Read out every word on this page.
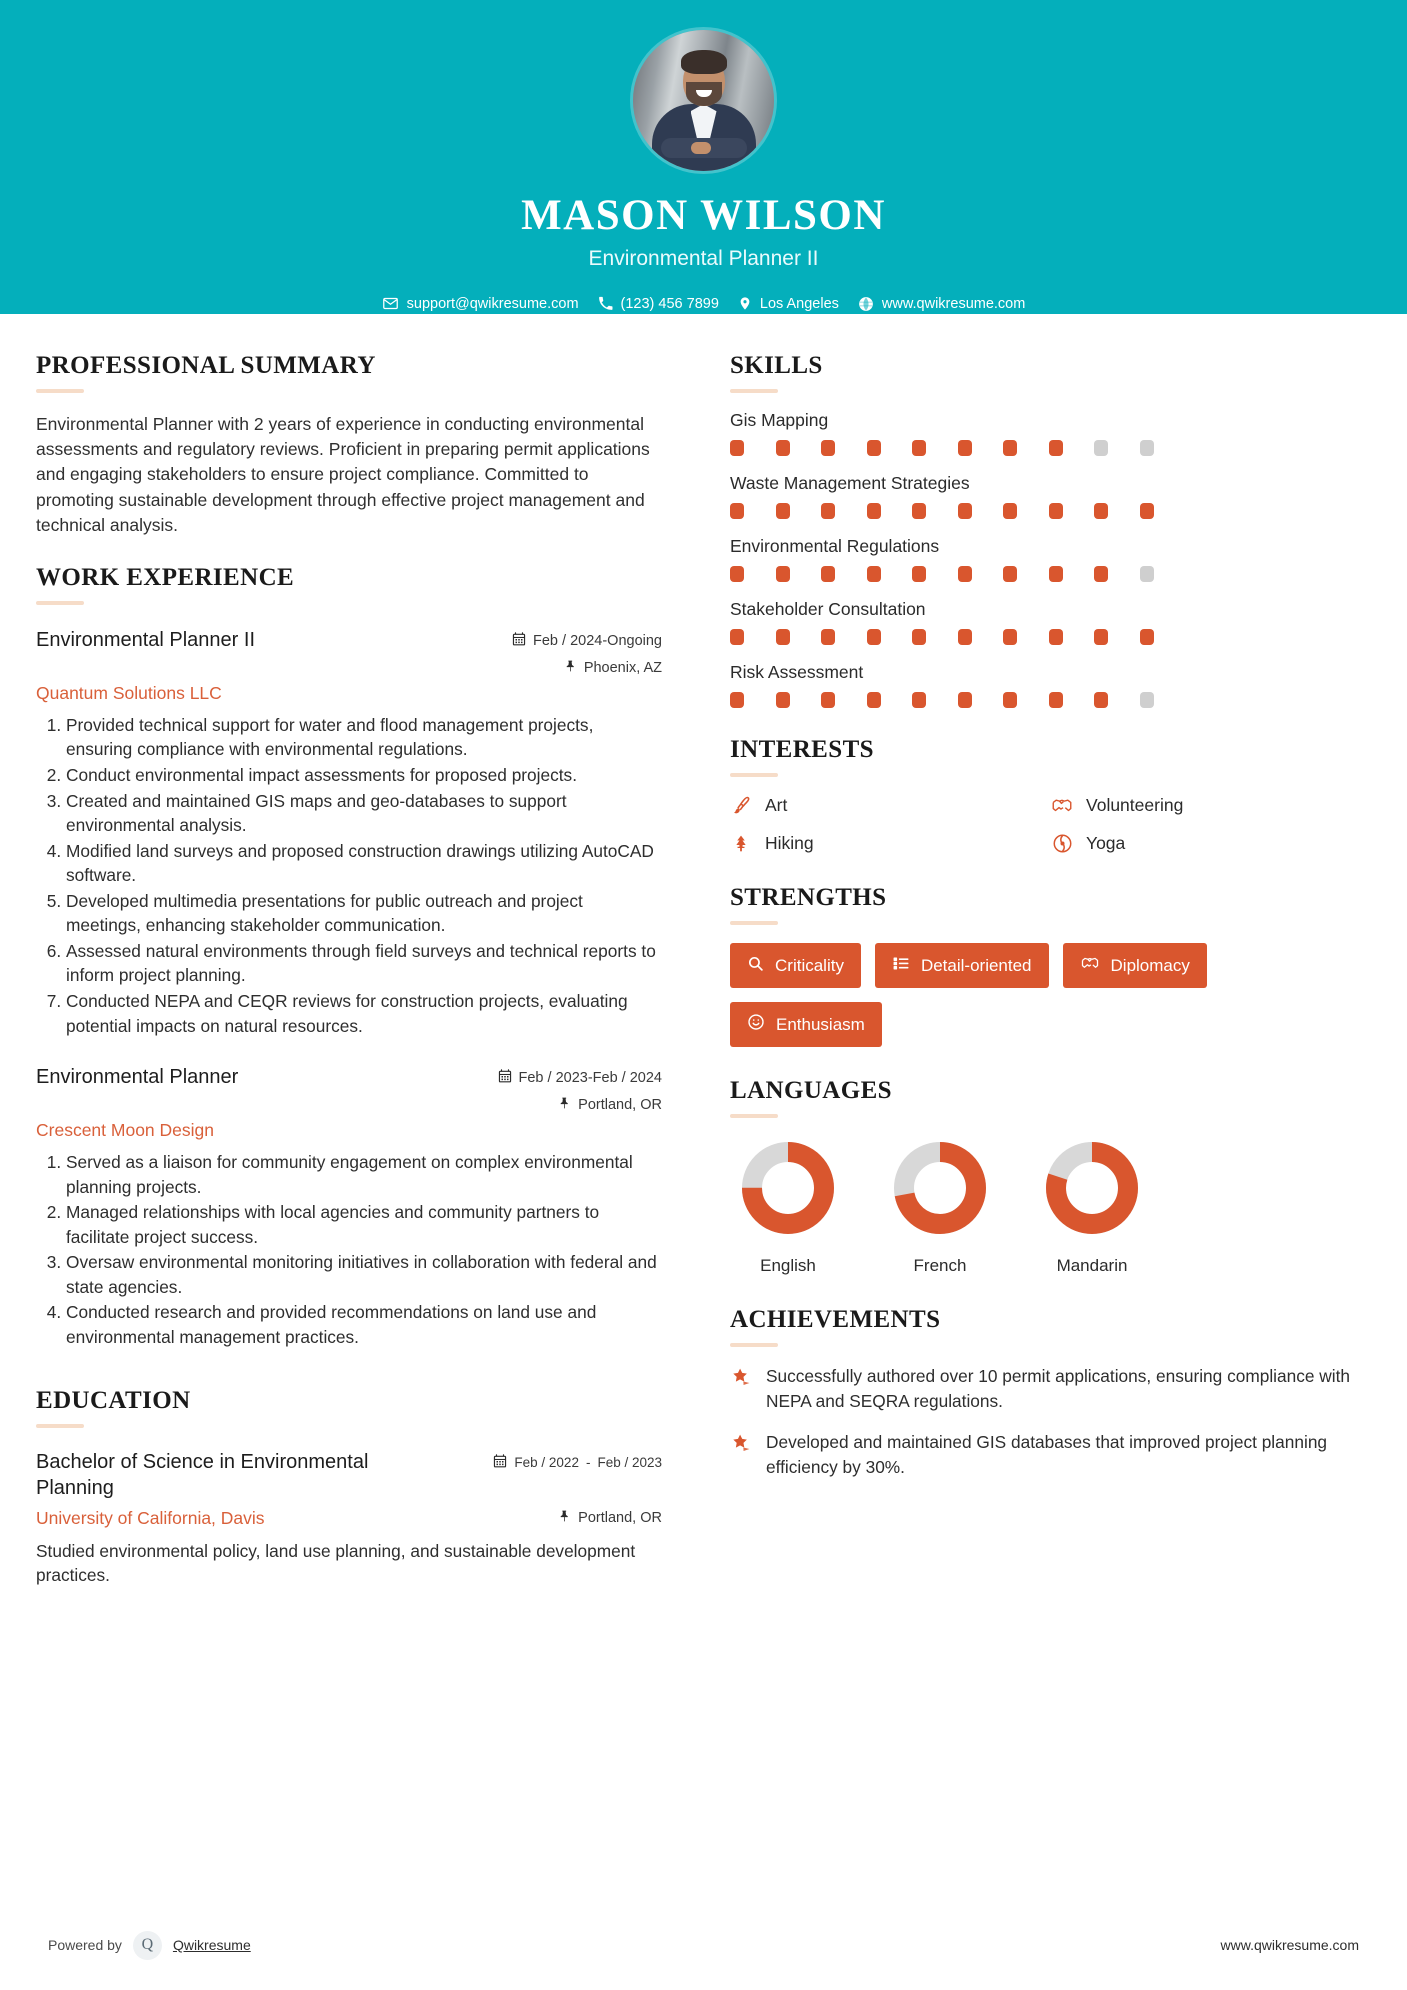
MASON WILSON
Environmental Planner II
support@qwikresume.com	(123) 456 7899	Los Angeles	www.qwikresume.com
PROFESSIONAL SUMMARY
Environmental Planner with 2 years of experience in conducting environmental assessments and regulatory reviews. Proficient in preparing permit applications and engaging stakeholders to ensure project compliance. Committed to promoting sustainable development through effective project management and technical analysis.
WORK EXPERIENCE
Environmental Planner II	Feb / 2024-Ongoing
Phoenix, AZ
Quantum Solutions LLC
1. Provided technical support for water and flood management projects, ensuring compliance with environmental regulations.
2. Conduct environmental impact assessments for proposed projects.
3. Created and maintained GIS maps and geo-databases to support environmental analysis.
4. Modified land surveys and proposed construction drawings utilizing AutoCAD software.
5. Developed multimedia presentations for public outreach and project meetings, enhancing stakeholder communication.
6. Assessed natural environments through field surveys and technical reports to inform project planning.
7. Conducted NEPA and CEQR reviews for construction projects, evaluating potential impacts on natural resources.
Environmental Planner	Feb / 2023-Feb / 2024
Portland, OR
Crescent Moon Design
1. Served as a liaison for community engagement on complex environmental planning projects.
2. Managed relationships with local agencies and community partners to facilitate project success.
3. Oversaw environmental monitoring initiatives in collaboration with federal and state agencies.
4. Conducted research and provided recommendations on land use and environmental management practices.
EDUCATION
Bachelor of Science in Environmental Planning
Feb / 2022 - Feb / 2023
University of California, Davis	Portland, OR
Studied environmental policy, land use planning, and sustainable development practices.
SKILLS
Gis Mapping
Waste Management Strategies
Environmental Regulations
Stakeholder Consultation
Risk Assessment
INTERESTS
Art	Volunteering
Hiking	Yoga
STRENGTHS
Criticality	Detail-oriented	Diplomacy
Enthusiasm
LANGUAGES
English	French	Mandarin
ACHIEVEMENTS
Successfully authored over 10 permit applications, ensuring compliance with NEPA and SEQRA regulations.
Developed and maintained GIS databases that improved project planning efficiency by 30%.
Powered by	Q	Qwikresume	www.qwikresume.com
